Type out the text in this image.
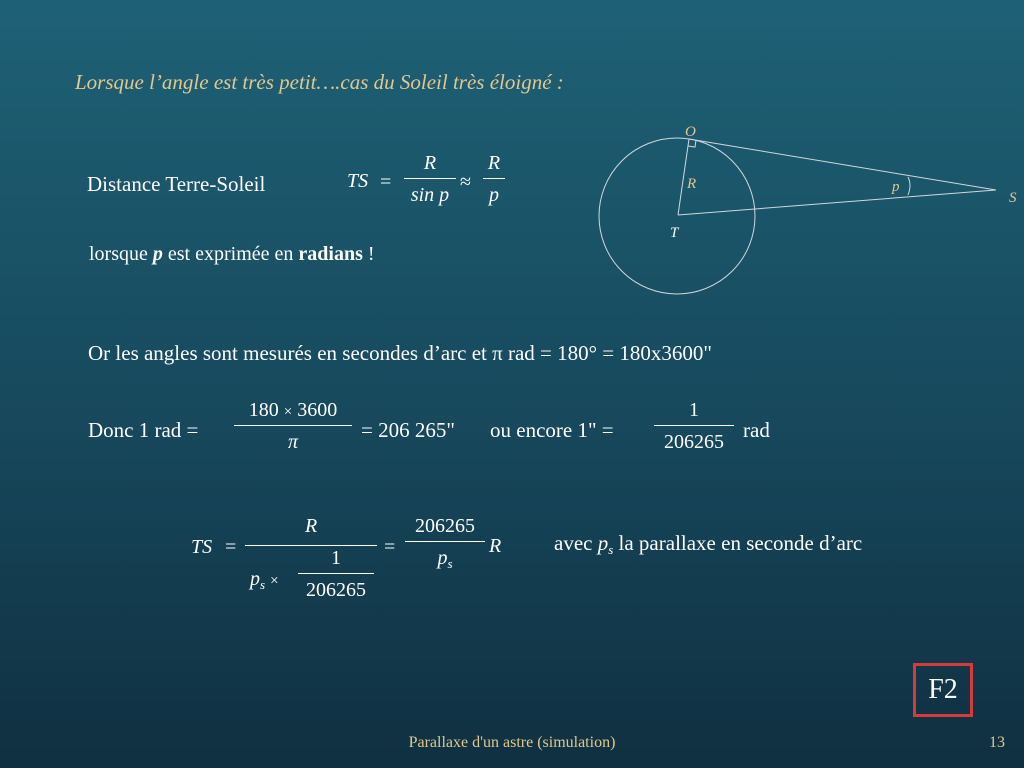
Lorsque l’angle est très petit….cas du Soleil très éloigné :
Distance Terre-Soleil	TS =
R
sin p
≈
R
p
lorsque p est exprimée en radians !
O
R
T
p
S
Or les angles sont mesurés en secondes d’arc et π rad = 180° = 180x3600"
Donc 1 rad =
180 × 3600
π	= 206 265" ou encore 1" =
1
206265 rad
TS =
R
$p_s$ ×
1
206265
=
206265
$p_s$
R	avec $p_s$ la parallaxe en seconde d’arc
F2
Parallaxe d'un astre (simulation)	13
